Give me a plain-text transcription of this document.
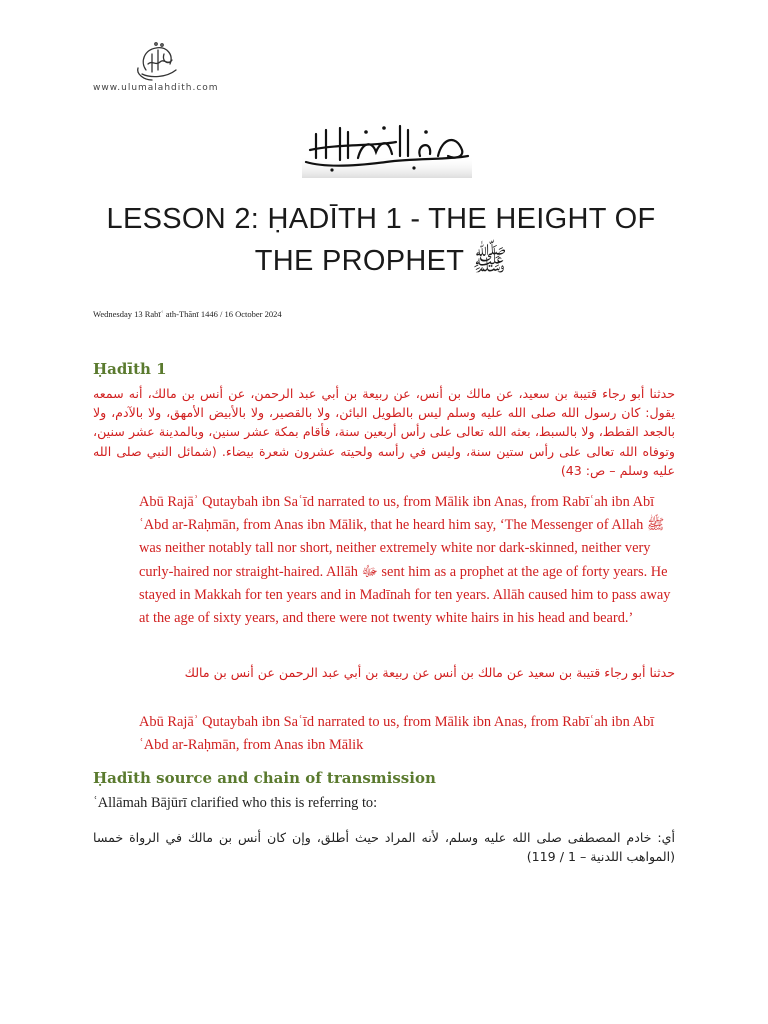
www.ulumalahdith.com
LESSON 2: ḤADĪTH 1 - THE HEIGHT OF
THE PROPHET ﷺ
Wednesday 13 Rabīʿ ath-Thānī 1446 / 16 October 2024
Ḥadīth 1
حدثنا أبو رجاء قتيبة بن سعيد، عن مالك بن أنس، عن ربيعة بن أبي عبد الرحمن، عن أنس بن مالك، أنه سمعه يقول: كان رسول الله صلى الله عليه وسلم ليس بالطويل البائن، ولا بالقصير، ولا بالأبيض الأمهق، ولا بالآدم، ولا بالجعد القطط، ولا بالسبط، بعثه الله تعالى على رأس أربعين سنة، فأقام بمكة عشر سنين، وبالمدينة عشر سنين، وتوفاه الله تعالى على رأس ستين سنة، وليس في رأسه ولحيته عشرون شعرة بيضاء. (شمائل النبي صلى الله عليه وسلم – ص: 43)
Abū Rajāʾ Qutaybah ibn Saʿīd narrated to us, from Mālik ibn Anas, from Rabīʿah ibn Abī ʿAbd ar-Raḥmān, from Anas ibn Mālik, that he heard him say, ‘The Messenger of Allah ﷺ was neither notably tall nor short, neither extremely white nor dark-skinned, neither very curly-haired nor straight-haired. Allāh ﷻ sent him as a prophet at the age of forty years. He stayed in Makkah for ten years and in Madīnah for ten years. Allāh caused him to pass away at the age of sixty years, and there were not twenty white hairs in his head and beard.’
حدثنا أبو رجاء قتيبة بن سعيد عن مالك بن أنس عن ربيعة بن أبي عبد الرحمن عن أنس بن مالك
Abū Rajāʾ Qutaybah ibn Saʿīd narrated to us, from Mālik ibn Anas, from Rabīʿah ibn Abī ʿAbd ar-Raḥmān, from Anas ibn Mālik
Ḥadīth source and chain of transmission
ʿAllāmah Bājūrī clarified who this is referring to:
أي: خادم المصطفى صلى الله عليه وسلم، لأنه المراد حيث أطلق، وإن كان أنس بن مالك في الرواة خمسا (المواهب اللدنية – 1 / 119)
